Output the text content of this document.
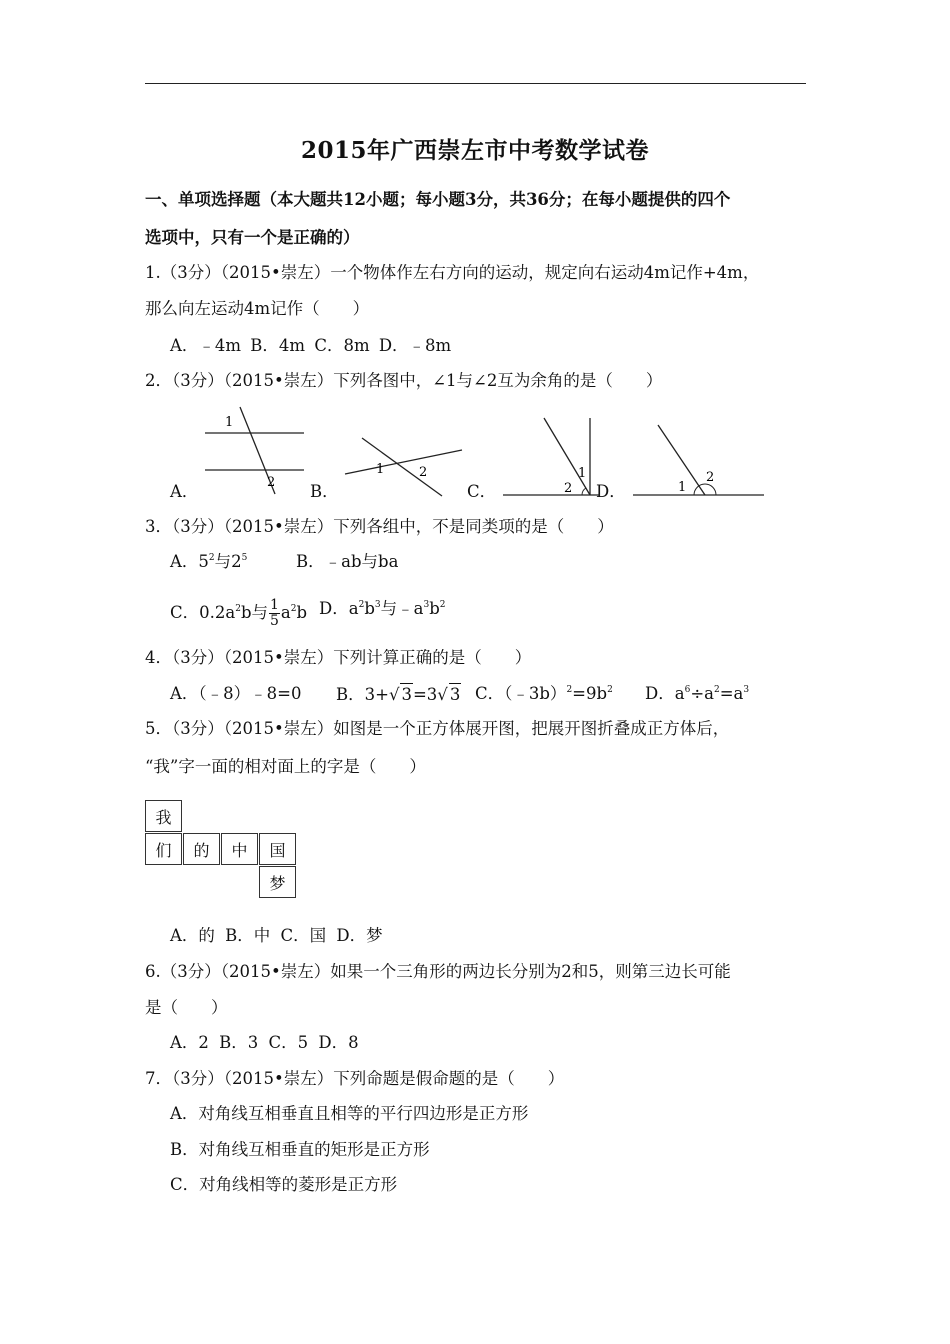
2015年广西崇左市中考数学试卷
一、单项选择题（本大题共12小题；每小题3分，共36分；在每小题提供的四个
选项中，只有一个是正确的）
1.（3分）（2015•崇左）一个物体作左右方向的运动，规定向右运动4m记作+4m，
那么向左运动4m记作（　　）
A．﹣4m B．4m C．8m D．﹣8m
2．（3分）（2015•崇左）下列各图中，∠1与∠2互为余角的是（　　）
A．	B．	C．	D．
1
2
1	2	1
2	1
2
3．（3分）（2015•崇左）下列各组中，不是同类项的是（　　）
A．$5^2$与$2^5$	B．﹣ab与ba
C．$0.2a^2b$与 $\frac{1}{5} a^2b$ D．$a^2b^3$与$﹣a^3b^2$
4．（3分）（2015•崇左）下列计算正确的是（　　）
A．（﹣8）﹣8=0 B．3+√ 3=3√ 3 C．$(﹣3b)^2=9b^2$ D．$a^6\div a^2=a^3$
5．（3分）（2015•崇左）如图是一个正方体展开图，把展开图折叠成正方体后，
“我”字一面的相对面上的字是（　　）
我
们	的	中	国
梦
A．的 B．中 C．国 D．梦
6.（3分）（2015•崇左）如果一个三角形的两边长分别为2和5，则第三边长可能
是（　　）
A．2 B．3 C．5 D．8
7．（3分）（2015•崇左）下列命题是假命题的是（　　）
A．对角线互相垂直且相等的平行四边形是正方形
B．对角线互相垂直的矩形是正方形
C．对角线相等的菱形是正方形
